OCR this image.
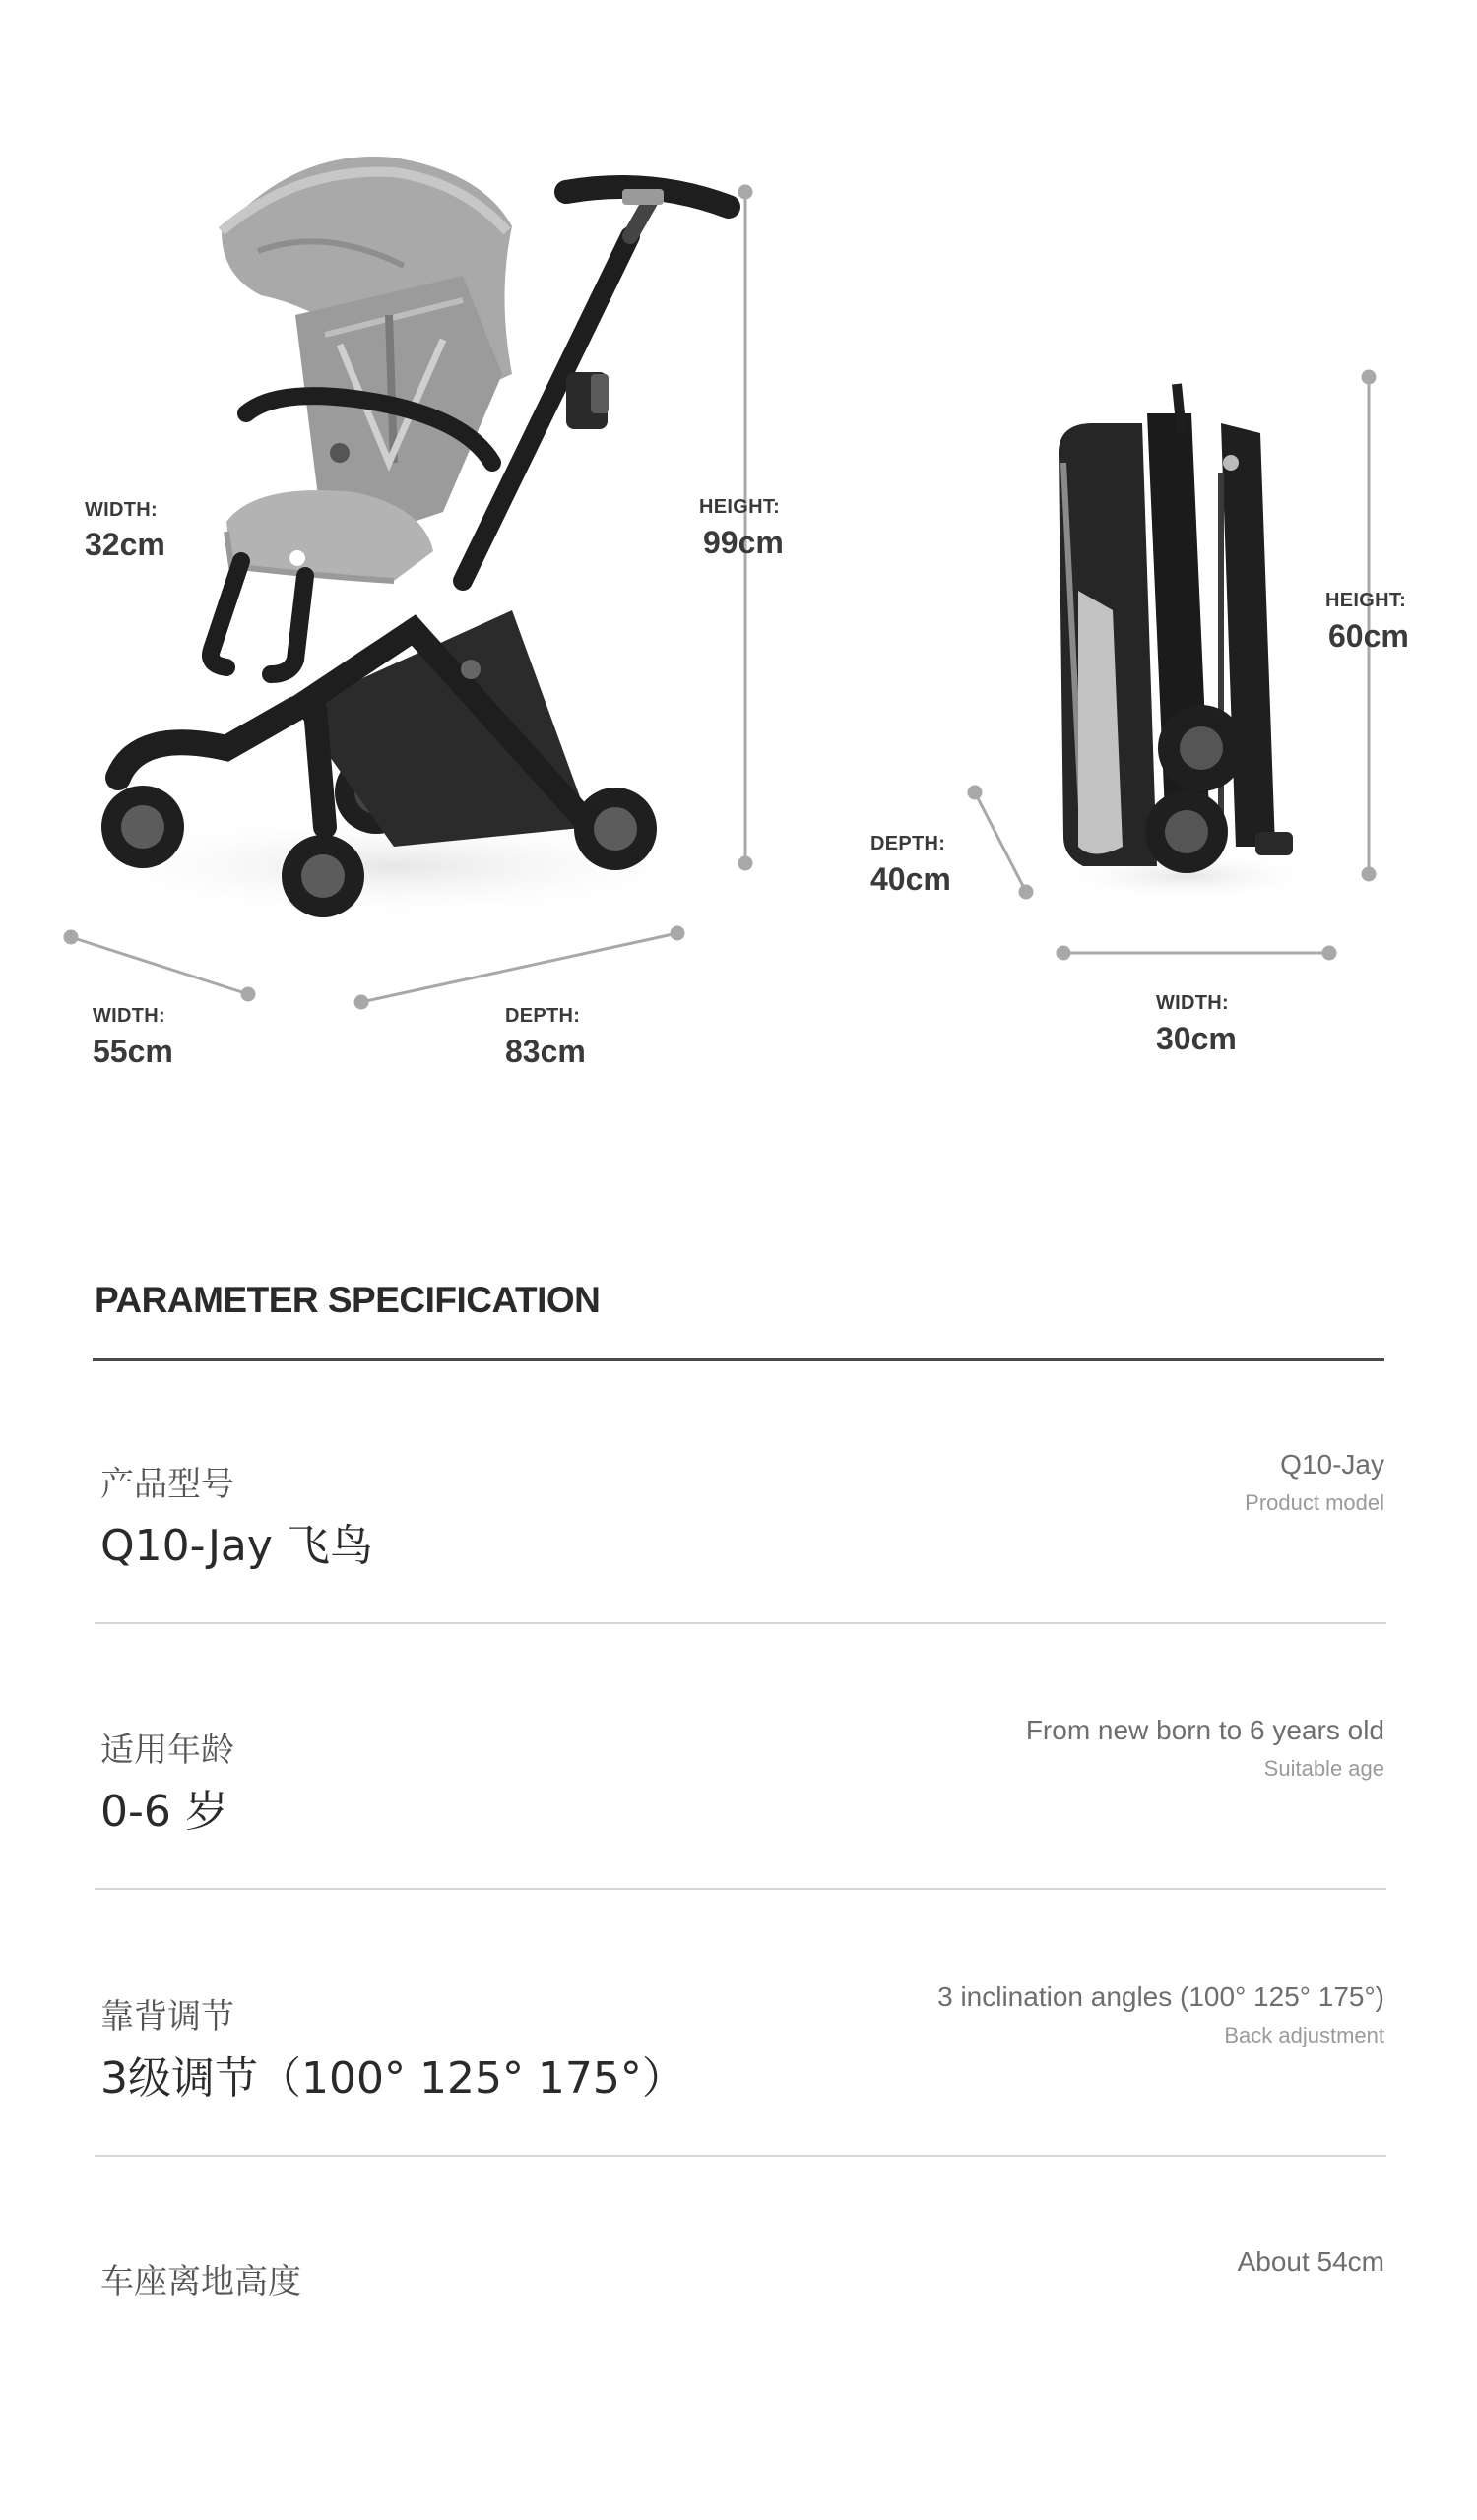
WIDTH:
32cm
HEIGHT:
99cm
WIDTH:
55cm
DEPTH:
83cm
HEIGHT:
60cm
DEPTH:
40cm
WIDTH:
30cm
PARAMETER SPECIFICATION
产品型号
Q10-Jay 飞鸟
Q10-Jay
Product model
适用年龄
0-6 岁
From new born to 6 years old
Suitable age
靠背调节
3级调节（100° 125° 175°）
3 inclination angles (100° 125° 175°)
Back adjustment
车座离地高度
About 54cm
